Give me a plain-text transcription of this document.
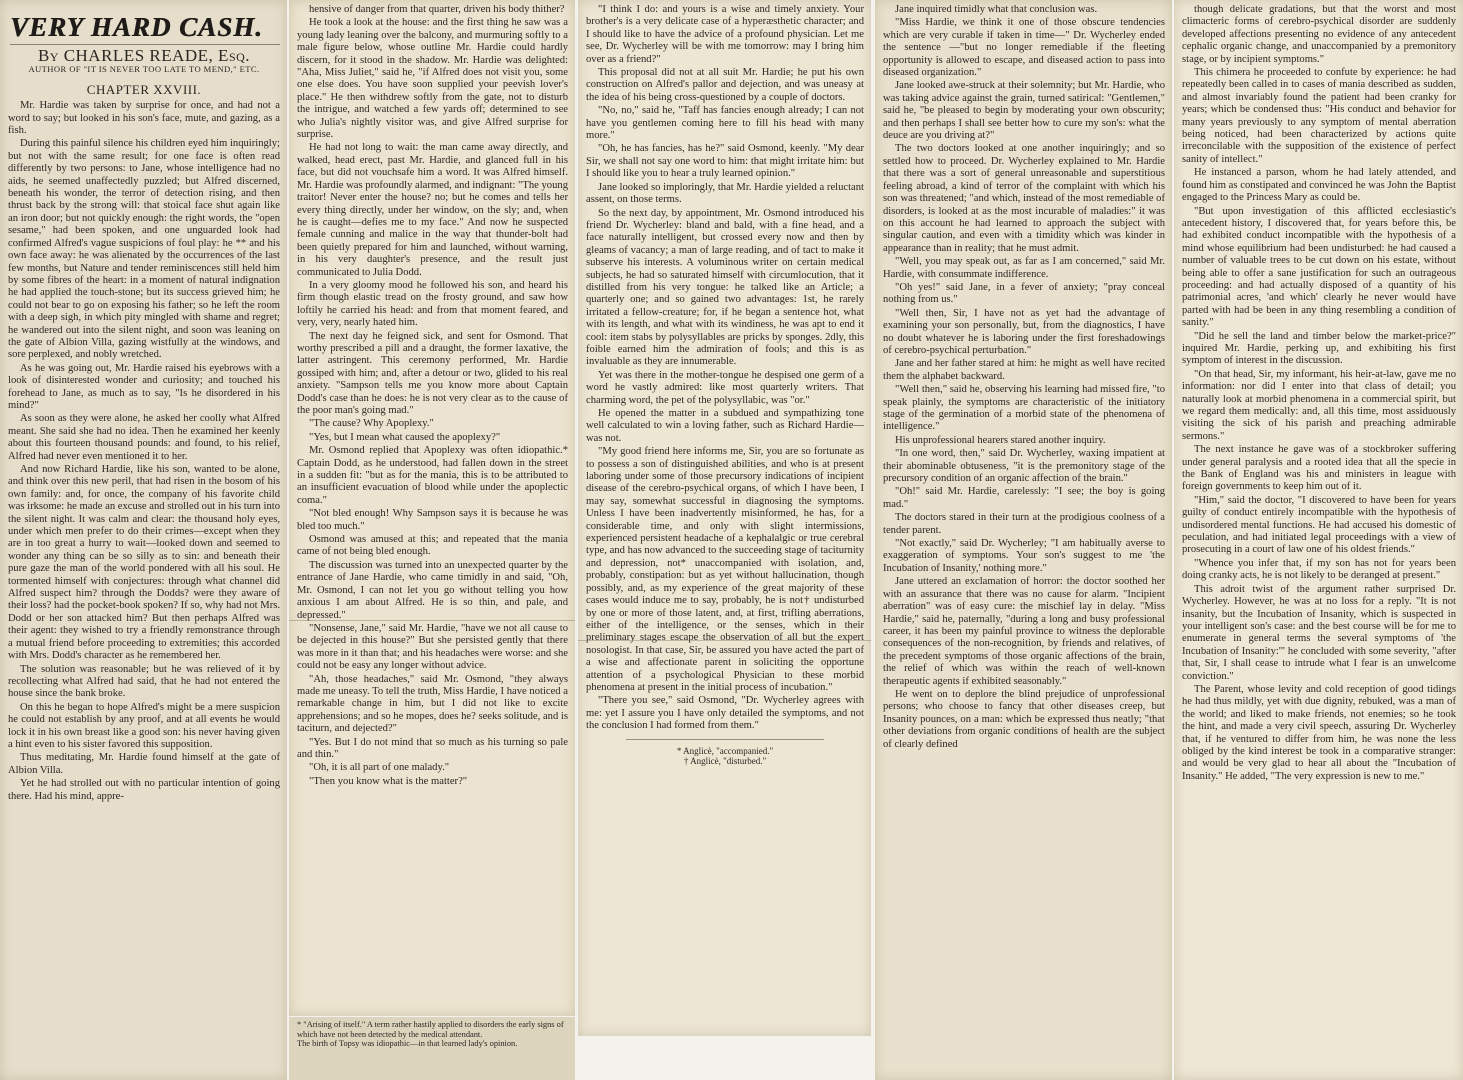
VERY HARD CASH.
By CHARLES READE, Esq.
AUTHOR OF "IT IS NEVER TOO LATE TO MEND," ETC.
CHAPTER XXVIII.

Mr. Hardie was taken by surprise for once, and had not a word to say; but looked in his son's face, mute, and gazing, as a fish.

During this painful silence his children eyed him inquiringly; but not with the same result; for one face is often read differently by two persons: to Jane, whose intelligence had no aids, he seemed unaffectedly puzzled; but Alfred discerned, beneath his wonder, the terror of detection rising, and then thrust back by the strong will: that stoical face shut again like an iron door; but not quickly enough: the right words, the "open sesame," had been spoken, and one unguarded look had confirmed Alfred's vague suspicions of foul play: he ** and his own face away: he was alienated by the occurrences of the last few months, but Nature and tender reminiscences still held him by some fibres of the heart: in a moment of natural indignation he had applied the touch-stone; but its success grieved him; he could not bear to go on exposing his father; so he left the room with a deep sigh, in which pity mingled with shame and regret; he wandered out into the silent night, and soon was leaning on the gate of Albion Villa, gazing wistfully at the windows, and sore perplexed, and nobly wretched.

As he was going out, Mr. Hardie raised his eyebrows with a look of disinterested wonder and curiosity; and touched his forehead to Jane, as much as to say, "Is he disordered in his mind?"

As soon as they were alone, he asked her coolly what Alfred meant. She said she had no idea. Then he examined her keenly about this fourteen thousand pounds: and found, to his relief, Alfred had never even mentioned it to her.

And now Richard Hardie, like his son, wanted to be alone, and think over this new peril, that had risen in the bosom of his own family: and, for once, the company of his favorite child was irksome: he made an excuse and strolled out in his turn into the silent night. It was calm and clear: the thousand holy eyes, under which men prefer to do their crimes—except when they are in too great a hurry to wait—looked down and seemed to wonder any thing can be so silly as to sin: and beneath their pure gaze the man of the world pondered with all his soul. He tormented himself with conjectures: through what channel did Alfred suspect him? through the Dodds? were they aware of their loss? had the pocket-book spoken? If so, why had not Mrs. Dodd or her son attacked him? But then perhaps Alfred was their agent: they wished to try a friendly remonstrance through a mutual friend before proceeding to extremities; this accorded with Mrs. Dodd's character as he remembered her.

The solution was reasonable; but he was relieved of it by recollecting what Alfred had said, that he had not entered the house since the bank broke.

On this he began to hope Alfred's might be a mere suspicion he could not establish by any proof, and at all events he would lock it in his own breast like a good son: his never having given a hint even to his sister favored this supposition.

Thus meditating, Mr. Hardie found himself at the gate of Albion Villa.

Yet he had strolled out with no particular intention of going there. Had his mind, appre-

hensive of danger from that quarter, driven his body thither?

He took a look at the house: and the first thing he saw was a young lady leaning over the balcony, and murmuring softly to a male figure below, whose outline Mr. Hardie could hardly discern, for it stood in the shadow. Mr. Hardie was delighted: "Aha, Miss Juliet," said he, "if Alfred does not visit you, some one else does. You have soon supplied your peevish lover's place." He then withdrew softly from the gate, not to disturb the intrigue, and watched a few yards off; determined to see who Julia's nightly visitor was, and give Alfred surprise for surprise.

He had not long to wait: the man came away directly, and walked, head erect, past Mr. Hardie, and glanced full in his face, but did not vouchsafe him a word. It was Alfred himself. Mr. Hardie was profoundly alarmed, and indignant: "The young traitor! Never enter the house? no; but he comes and tells her every thing directly, under her window, on the sly; and, when he is caught—defies me to my face." And now he suspected female cunning and malice in the way that thunder-bolt had been quietly prepared for him and launched, without warning, in his very daughter's presence, and the result just communicated to Julia Dodd.

In a very gloomy mood he followed his son, and heard his firm though elastic tread on the frosty ground, and saw how loftily he carried his head: and from that moment feared, and very, very, nearly hated him.

The next day he feigned sick, and sent for Osmond. That worthy prescribed a pill and a draught, the former laxative, the latter astringent. This ceremony performed, Mr. Hardie gossiped with him; and, after a detour or two, glided to his real anxiety. "Sampson tells me you know more about Captain Dodd's case than he does: he is not very clear as to the cause of the poor man's going mad."

"The cause? Why Apoplexy."

"Yes, but I mean what caused the apoplexy?"

Mr. Osmond replied that Apoplexy was often idiopathic.* Captain Dodd, as he understood, had fallen down in the street in a sudden fit: "but as for the mania, this is to be attributed to an insufficient evacuation of blood while under the apoplectic coma."

"Not bled enough! Why Sampson says it is because he was bled too much."

Osmond was amused at this; and repeated that the mania came of not being bled enough.

The discussion was turned into an unexpected quarter by the entrance of Jane Hardie, who came timidly in and said, "Oh, Mr. Osmond, I can not let you go without telling you how anxious I am about Alfred. He is so thin, and pale, and depressed."

"Nonsense, Jane," said Mr. Hardie, "have we not all cause to be dejected in this house?" But she persisted gently that there was more in it than that; and his headaches were worse: and she could not be easy any longer without advice.

"Ah, those headaches," said Mr. Osmond, "they always made me uneasy. To tell the truth, Miss Hardie, I have noticed a remarkable change in him, but I did not like to excite apprehensions; and so he mopes, does he? seeks solitude, and is taciturn, and dejected?"

"Yes. But I do not mind that so much as his turning so pale and thin."

"Oh, it is all part of one malady."

"Then you know what is the matter?"

* "Arising of itself." A term rather hastily applied to disorders the early signs of which have not been detected by the medical attendant.
The birth of Topsy was idiopathic—in that learned lady's opinion.

"I think I do: and yours is a wise and timely anxiety. Your brother's is a very delicate case of a hyperæsthetic character; and I should like to have the advice of a profound physician. Let me see, Dr. Wycherley will be with me tomorrow: may I bring him over as a friend?"

This proposal did not at all suit Mr. Hardie; he put his own construction on Alfred's pallor and dejection, and was uneasy at the idea of his being cross-questioned by a couple of doctors.

"No, no," said he, "Taff has fancies enough already; I can not have you gentlemen coming here to fill his head with many more."

"Oh, he has fancies, has he?" said Osmond, keenly. "My dear Sir, we shall not say one word to him: that might irritate him: but I should like you to hear a truly learned opinion."

Jane looked so imploringly, that Mr. Hardie yielded a reluctant assent, on those terms.

So the next day, by appointment, Mr. Osmond introduced his friend Dr. Wycherley: bland and bald, with a fine head, and a face naturally intelligent, but crossed every now and then by gleams of vacancy; a man of large reading, and of tact to make it subserve his interests. A voluminous writer on certain medical subjects, he had so saturated himself with circumlocution, that it distilled from his very tongue: he talked like an Article; a quarterly one; and so gained two advantages: 1st, he rarely irritated a fellow-creature; for, if he began a sentence hot, what with its length, and what with its windiness, he was apt to end it cool: item stabs by polysyllables are pricks by sponges. 2dly, this foible earned him the admiration of fools; and this is as invaluable as they are innumerable.

Yet was there in the mother-tongue he despised one germ of a word he vastly admired: like most quarterly writers. That charming word, the pet of the polysyllabic, was "or."

He opened the matter in a subdued and sympathizing tone well calculated to win a loving father, such as Richard Hardie—was not.

"My good friend here informs me, Sir, you are so fortunate as to possess a son of distinguished abilities, and who is at present laboring under some of those precursory indications of incipient disease of the cerebro-psychical organs, of which I have been, I may say, somewhat successful in diagnosing the symptoms. Unless I have been inadvertently misinformed, he has, for a considerable time, and only with slight intermissions, experienced persistent headache of a kephalalgic or true cerebral type, and has now advanced to the succeeding stage of taciturnity and depression, not* unaccompanied with isolation, and, probably, constipation: but as yet without hallucination, though possibly, and, as my experience of the great majority of these cases would induce me to say, probably, he is not† undisturbed by one or more of those latent, and, at first, trifling aberrations, either of the intelligence, or the senses, which in their preliminary stages escape the observation of all but the expert nosologist. In that case, Sir, be assured you have acted the part of a wise and affectionate parent in soliciting the opportune attention of a psychological Physician to these morbid phenomena at present in the initial process of incubation."

"There you see," said Osmond, "Dr. Wycherley agrees with me: yet I assure you I have only detailed the symptoms, and not the conclusion I had formed from them."

* Anglicè, "accompanied."
† Anglicè, "disturbed."

Jane inquired timidly what that conclusion was.

"Miss Hardie, we think it one of those obscure tendencies which are very curable if taken in time—" Dr. Wycherley ended the sentence —"but no longer remediable if the fleeting opportunity is allowed to escape, and diseased action to pass into diseased organization."

Jane looked awe-struck at their solemnity; but Mr. Hardie, who was taking advice against the grain, turned satirical: "Gentlemen," said he, "be pleased to begin by moderating your own obscurity; and then perhaps I shall see better how to cure my son's: what the deuce are you driving at?"

The two doctors looked at one another inquiringly; and so settled how to proceed. Dr. Wycherley explained to Mr. Hardie that there was a sort of general unreasonable and superstitious feeling abroad, a kind of terror of the complaint with which his son was threatened; "and which, instead of the most remediable of disorders, is looked at as the most incurable of maladies:" it was on this account he had learned to approach the subject with singular caution, and even with a timidity which was kinder in appearance than in reality; that he must admit.

"Well, you may speak out, as far as I am concerned," said Mr. Hardie, with consummate indifference.

"Oh yes!" said Jane, in a fever of anxiety; "pray conceal nothing from us."

"Well then, Sir, I have not as yet had the advantage of examining your son personally, but, from the diagnostics, I have no doubt whatever he is laboring under the first foreshadowings of cerebro-psychical perturbation."

Jane and her father stared at him: he might as well have recited them the alphabet backward.

"Well then," said he, observing his learning had missed fire, "to speak plainly, the symptoms are characteristic of the initiatory stage of the germination of a morbid state of the phenomena of intelligence."

His unprofessional hearers stared another inquiry.

"In one word, then," said Dr. Wycherley, waxing impatient at their abominable obtuseness, "it is the premonitory stage of the precursory condition of an organic affection of the brain."

"Oh!" said Mr. Hardie, carelessly: "I see; the boy is going mad."

The doctors stared in their turn at the prodigious coolness of a tender parent.

"Not exactly," said Dr. Wycherley; "I am habitually averse to exaggeration of symptoms. Your son's suggest to me 'the Incubation of Insanity,' nothing more."

Jane uttered an exclamation of horror: the doctor soothed her with an assurance that there was no cause for alarm. "Incipient aberration" was of easy cure: the mischief lay in delay. "Miss Hardie," said he, paternally, "during a long and busy professional career, it has been my painful province to witness the deplorable consequences of the non-recognition, by friends and relatives, of the precedent symptoms of those organic affections of the brain, the relief of which was within the reach of well-known therapeutic agents if exhibited seasonably."

He went on to deplore the blind prejudice of unprofessional persons; who choose to fancy that other diseases creep, but Insanity pounces, on a man: which be expressed thus neatly; "that other deviations from organic conditions of health are the subject of clearly defined

though delicate gradations, but that the worst and most climacteric forms of cerebro-psychical disorder are suddenly developed affections presenting no evidence of any antecedent cephalic organic change, and unaccompanied by a premonitory stage, or by incipient symptoms."

This chimera he proceeded to confute by experience: he had repeatedly been called in to cases of mania described as sudden, and almost invariably found the patient had been cranky for years; which be condensed thus: "His conduct and behavior for many years previously to any symptom of mental aberration being noticed, had been characterized by actions quite irreconcilable with the supposition of the existence of perfect sanity of intellect."

He instanced a parson, whom he had lately attended, and found him as constipated and convinced he was John the Baptist engaged to the Princess Mary as could be.

"But upon investigation of this afflicted ecclesiastic's antecedent history, I discovered that, for years before this, be had exhibited conduct incompatible with the hypothesis of a mind whose equilibrium had been undisturbed: he had caused a number of valuable trees to be cut down on his estate, without being able to offer a sane justification for such an outrageous proceeding: and had actually disposed of a quantity of his patrimonial acres, 'and which' clearly he never would have parted with had be been in any thing resembling a condition of sanity."

"Did he sell the land and timber below the market-price?" inquired Mr. Hardie, perking up, and exhibiting his first symptom of interest in the discussion.

"On that head, Sir, my informant, his heir-at-law, gave me no information: nor did I enter into that class of detail; you naturally look at morbid phenomena in a commercial spirit, but we regard them medically: and, all this time, most assiduously visiting the sick of his parish and preaching admirable sermons."

The next instance he gave was of a stockbroker suffering under general paralysis and a rooted idea that all the specie in the Bank of England was his and ministers in league with foreign governments to keep him out of it.

"Him," said the doctor, "I discovered to have been for years guilty of conduct entirely incompatible with the hypothesis of undisordered mental functions. He had accused his domestic of peculation, and had initiated legal proceedings with a view of prosecuting in a court of law one of his oldest friends."

"Whence you infer that, if my son has not for years been doing cranky acts, he is not likely to be deranged at present."

This adroit twist of the argument rather surprised Dr. Wycherley. However, he was at no loss for a reply. "It is not insanity, but the Incubation of Insanity, which is suspected in your intelligent son's case: and the best course will be for me to enumerate in general terms the several symptoms of 'the Incubation of Insanity:'" he concluded with some severity, "after that, Sir, I shall cease to intrude what I fear is an unwelcome conviction."

The Parent, whose levity and cold reception of good tidings he had thus mildly, yet with due dignity, rebuked, was a man of the world; and liked to make friends, not enemies; so he took the hint, and made a very civil speech, assuring Dr. Wycherley that, if he ventured to differ from him, he was none the less obliged by the kind interest be took in a comparative stranger: and would be very glad to hear all about the "Incubation of Insanity." He added, "The very expression is new to me."
